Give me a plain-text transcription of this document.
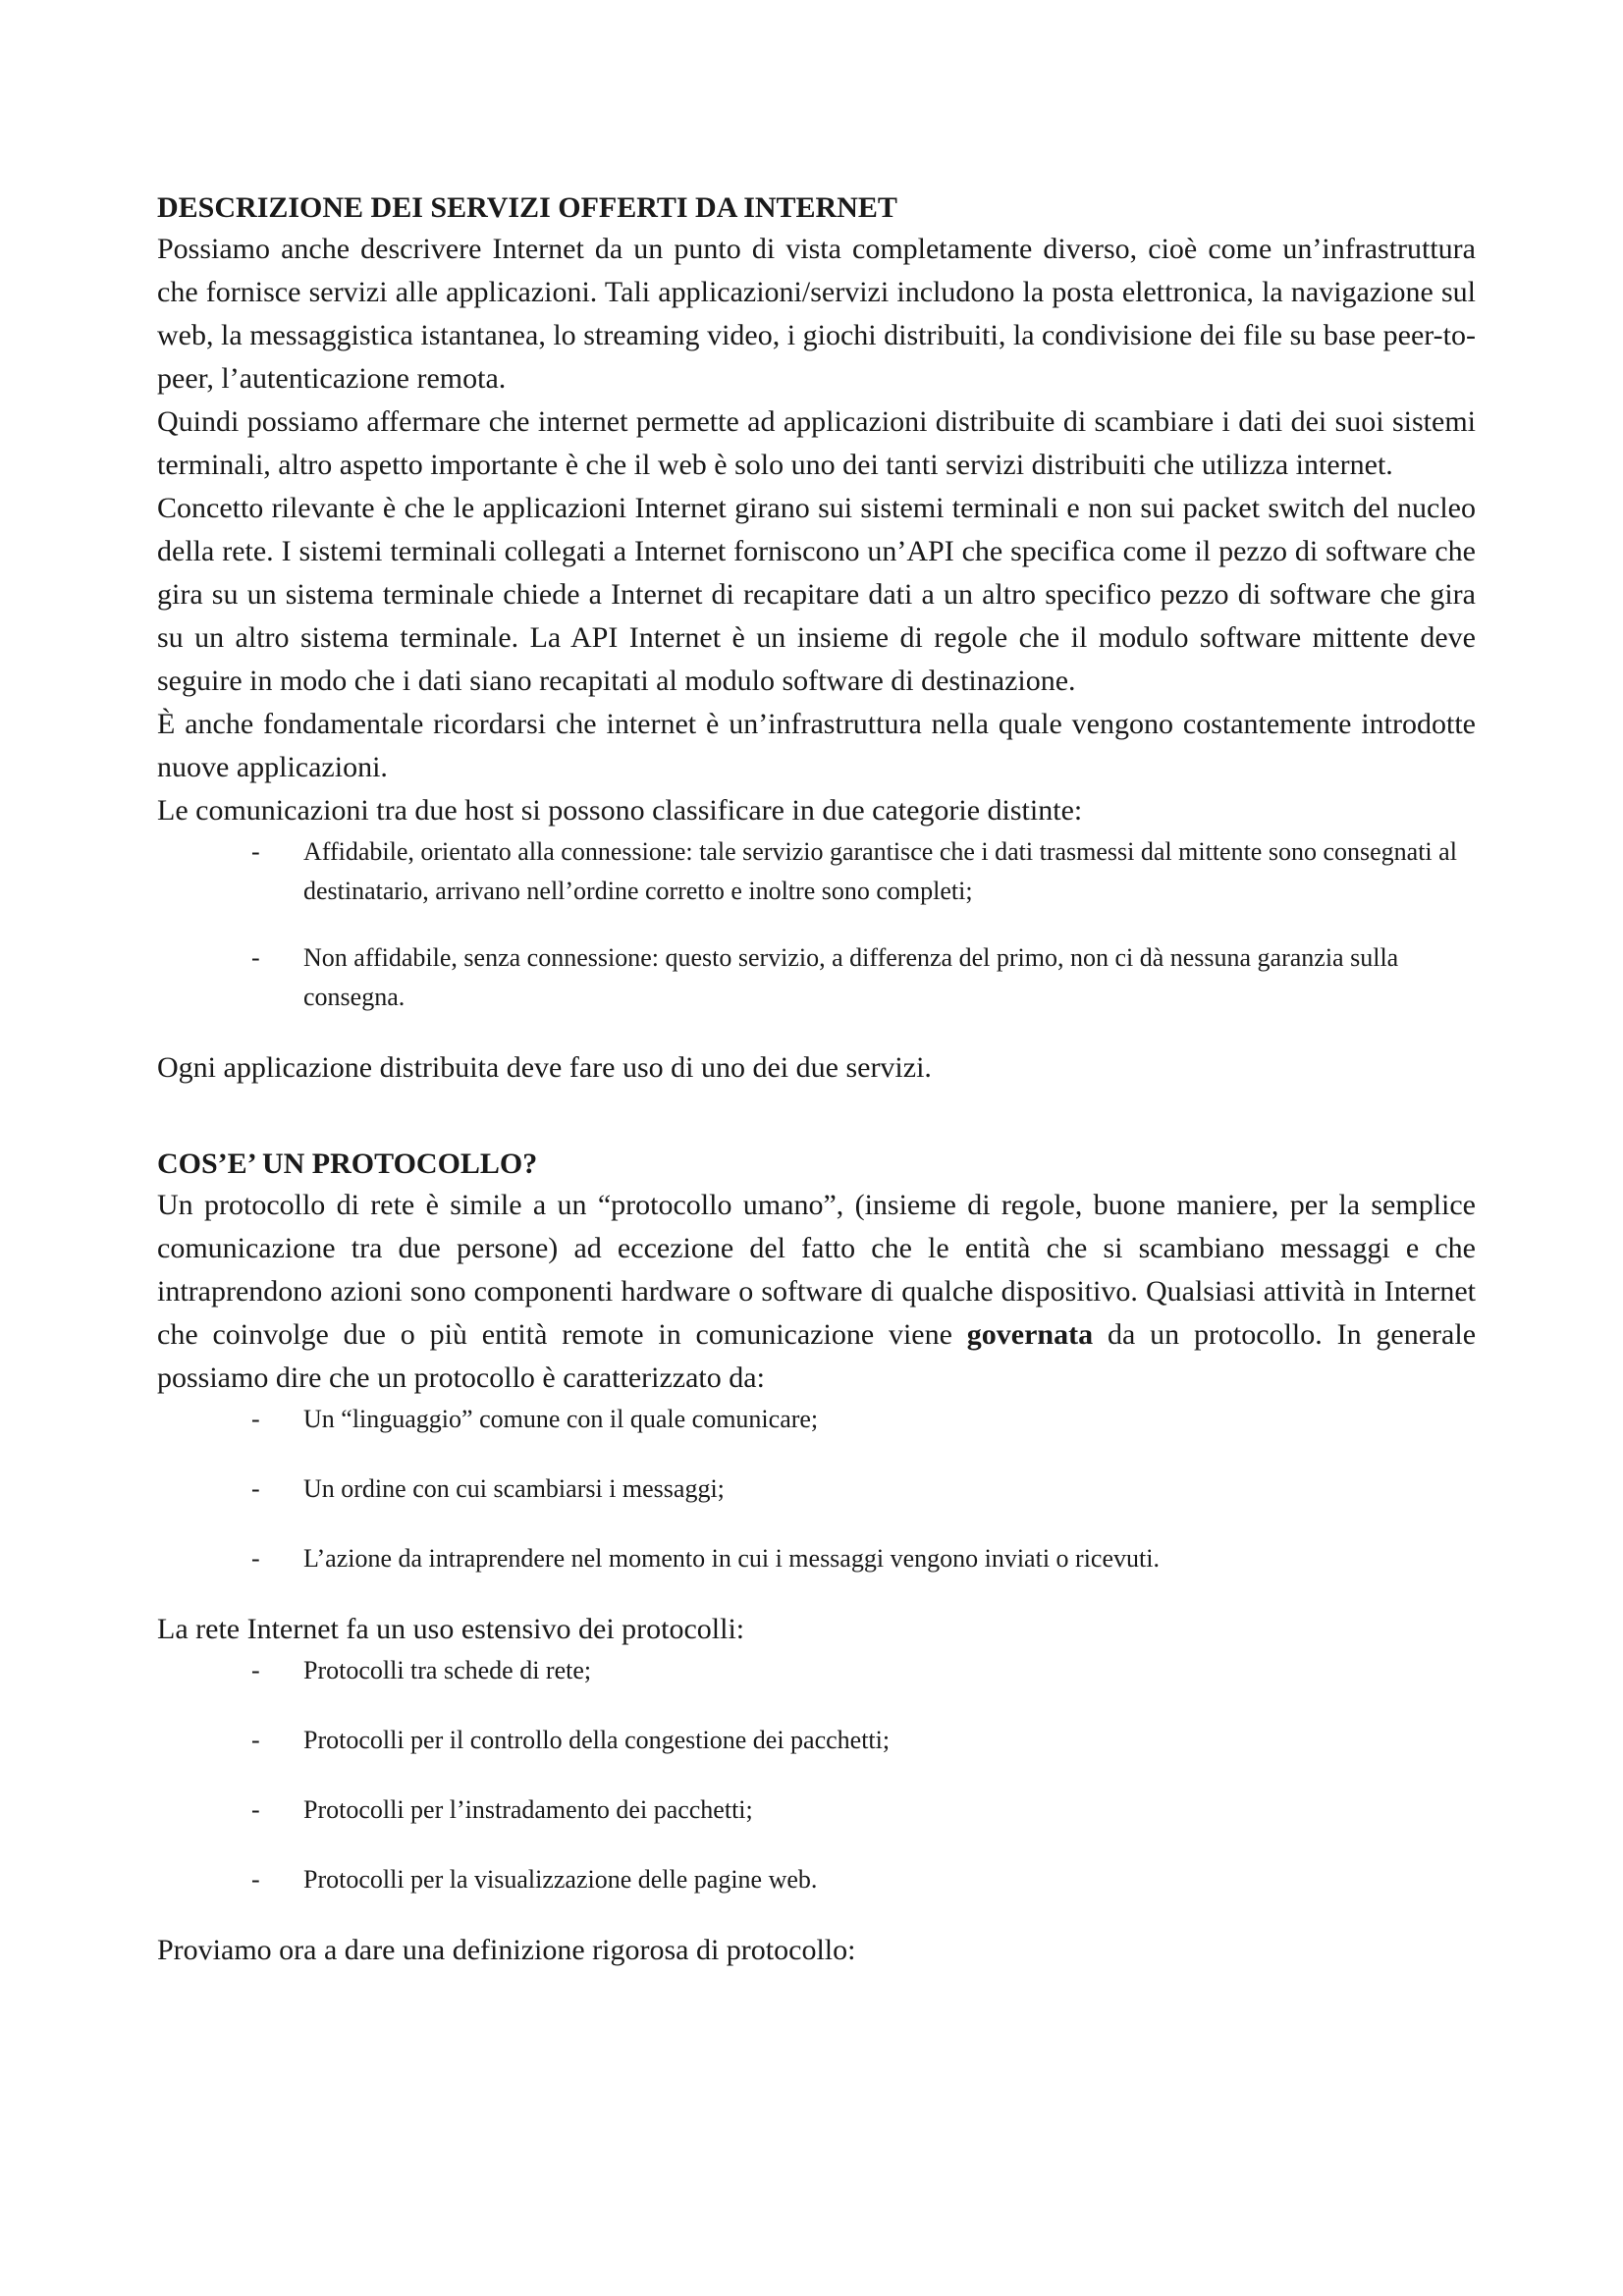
DESCRIZIONE DEI SERVIZI OFFERTI DA INTERNET

Possiamo anche descrivere Internet da un punto di vista completamente diverso, cioè come un’infrastruttura che fornisce servizi alle applicazioni. Tali applicazioni/servizi includono la posta elettronica, la navigazione sul web, la messaggistica istantanea, lo streaming video, i giochi distribuiti, la condivisione dei file su base peer-to-peer, l’autenticazione remota.

Quindi possiamo affermare che internet permette ad applicazioni distribuite di scambiare i dati dei suoi sistemi terminali, altro aspetto importante è che il web è solo uno dei tanti servizi distribuiti che utilizza internet.

Concetto rilevante è che le applicazioni Internet girano sui sistemi terminali e non sui packet switch del nucleo della rete. I sistemi terminali collegati a Internet forniscono un’API che specifica come il pezzo di software che gira su un sistema terminale chiede a Internet di recapitare dati a un altro specifico pezzo di software che gira su un altro sistema terminale. La API Internet è un insieme di regole che il modulo software mittente deve seguire in modo che i dati siano recapitati al modulo software di destinazione.

È anche fondamentale ricordarsi che internet è un’infrastruttura nella quale vengono costantemente introdotte nuove applicazioni.

Le comunicazioni tra due host si possono classificare in due categorie distinte:

- Affidabile, orientato alla connessione: tale servizio garantisce che i dati trasmessi dal mittente sono consegnati al destinatario, arrivano nell’ordine corretto e inoltre sono completi;
- Non affidabile, senza connessione: questo servizio, a differenza del primo, non ci dà nessuna garanzia sulla consegna.

Ogni applicazione distribuita deve fare uso di uno dei due servizi.

COS’E’ UN PROTOCOLLO?

Un protocollo di rete è simile a un “protocollo umano”, (insieme di regole, buone maniere, per la semplice comunicazione tra due persone) ad eccezione del fatto che le entità che si scambiano messaggi e che intraprendono azioni sono componenti hardware o software di qualche dispositivo. Qualsiasi attività in Internet che coinvolge due o più entità remote in comunicazione viene governata da un protocollo. In generale possiamo dire che un protocollo è caratterizzato da:

- Un “linguaggio” comune con il quale comunicare;
- Un ordine con cui scambiarsi i messaggi;
- L’azione da intraprendere nel momento in cui i messaggi vengono inviati o ricevuti.

La rete Internet fa un uso estensivo dei protocolli:

- Protocolli tra schede di rete;
- Protocolli per il controllo della congestione dei pacchetti;
- Protocolli per l’instradamento dei pacchetti;
- Protocolli per la visualizzazione delle pagine web.

Proviamo ora a dare una definizione rigorosa di protocollo:
